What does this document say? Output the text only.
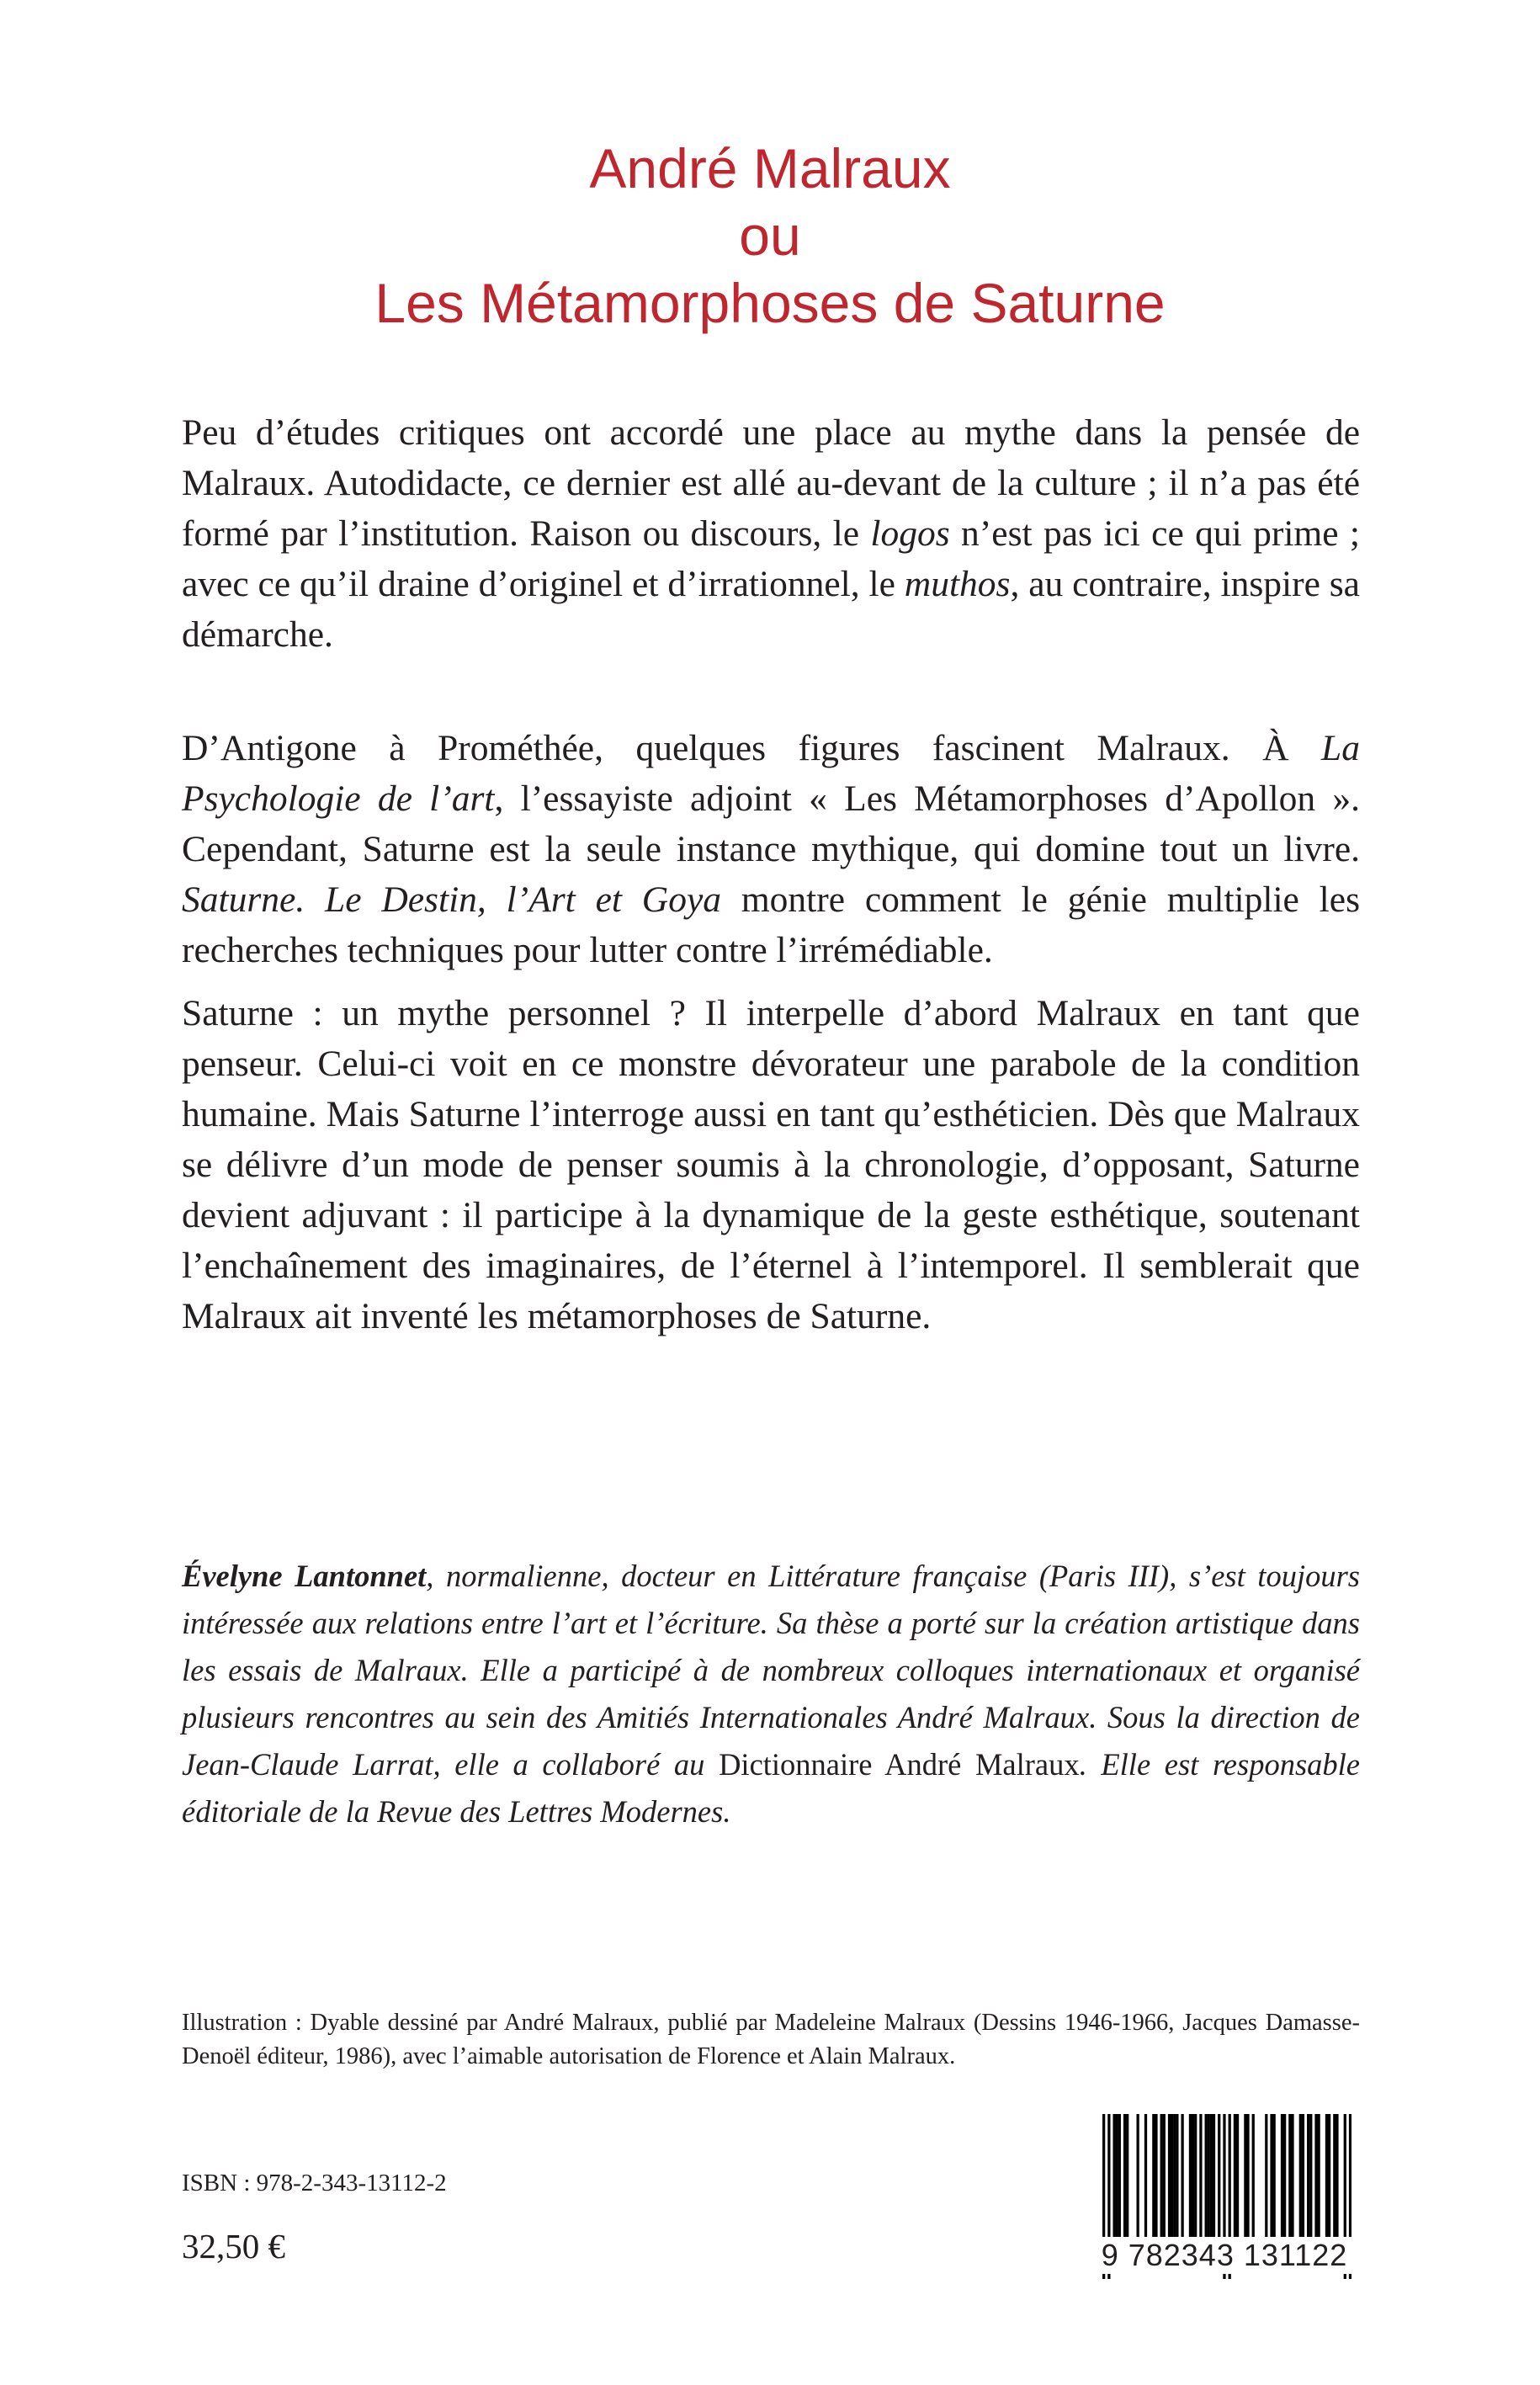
André Malraux
ou
Les Métamorphoses de Saturne

Peu d’études critiques ont accordé une place au mythe dans la pensée de Malraux. Autodidacte, ce dernier est allé au-devant de la culture ; il n’a pas été formé par l’institution. Raison ou discours, le logos n’est pas ici ce qui prime ; avec ce qu’il draine d’originel et d’irrationnel, le muthos, au contraire, inspire sa démarche.

D’Antigone à Prométhée, quelques figures fascinent Malraux. À La Psychologie de l’art, l’essayiste adjoint « Les Métamorphoses d’Apollon ». Cependant, Saturne est la seule instance mythique, qui domine tout un livre. Saturne. Le Destin, l’Art et Goya montre comment le génie multiplie les recherches techniques pour lutter contre l’irrémédiable.

Saturne : un mythe personnel ? Il interpelle d’abord Malraux en tant que penseur. Celui-ci voit en ce monstre dévorateur une parabole de la condition humaine. Mais Saturne l’interroge aussi en tant qu’esthéticien. Dès que Malraux se délivre d’un mode de penser soumis à la chronologie, d’opposant, Saturne devient adjuvant : il participe à la dynamique de la geste esthétique, soutenant l’enchaînement des imaginaires, de l’éternel à l’intemporel. Il semblerait que Malraux ait inventé les métamorphoses de Saturne.

Évelyne Lantonnet, normalienne, docteur en Littérature française (Paris III), s’est toujours intéressée aux relations entre l’art et l’écriture. Sa thèse a porté sur la création artistique dans les essais de Malraux. Elle a participé à de nombreux colloques internationaux et organisé plusieurs rencontres au sein des Amitiés Internationales André Malraux. Sous la direction de Jean-Claude Larrat, elle a collaboré au Dictionnaire André Malraux. Elle est responsable éditoriale de la Revue des Lettres Modernes.
Illustration : Dyable dessiné par André Malraux, publié par Madeleine Malraux (Dessins 1946-1966, Jacques Damasse-Denoël éditeur, 1986), avec l’aimable autorisation de Florence et Alain Malraux.
ISBN : 978-2-343-13112-2
32,50 €	9 782343 131122
